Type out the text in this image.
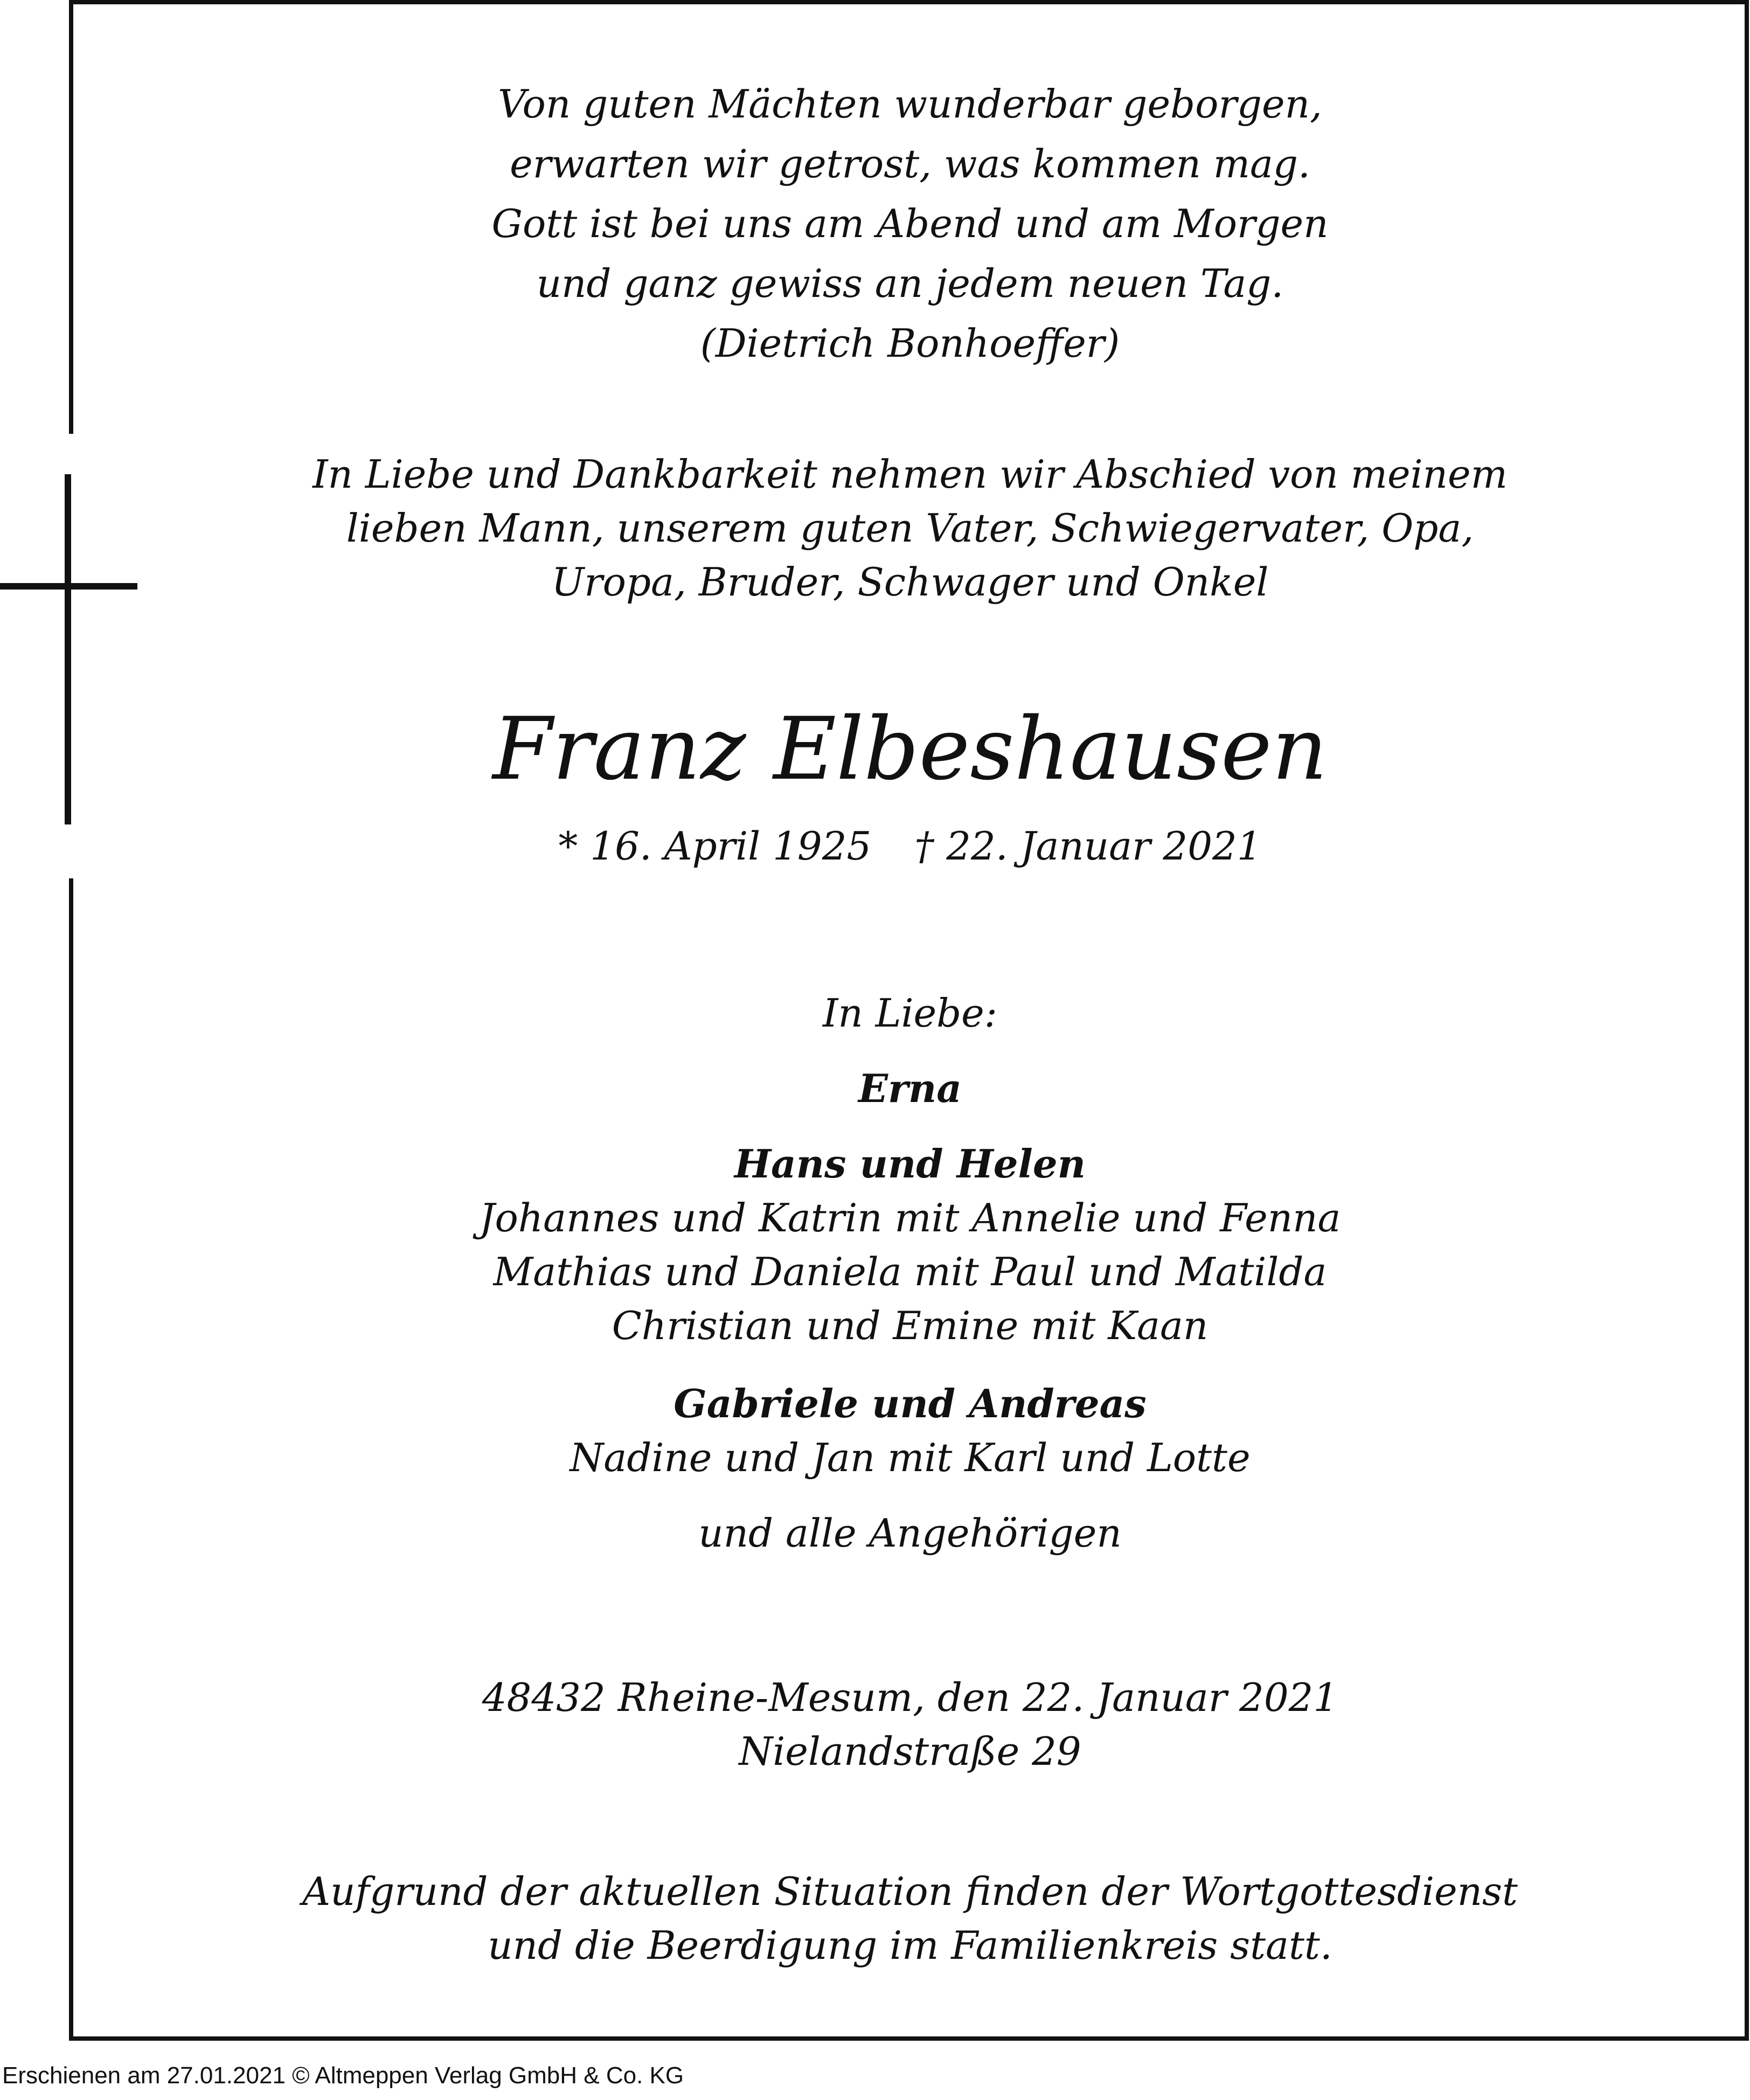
Von guten Mächten wunderbar geborgen,
erwarten wir getrost, was kommen mag.
Gott ist bei uns am Abend und am Morgen
und ganz gewiss an jedem neuen Tag.
(Dietrich Bonhoeffer)
In Liebe und Dankbarkeit nehmen wir Abschied von meinem
lieben Mann, unserem guten Vater, Schwiegervater, Opa,
Uropa, Bruder, Schwager und Onkel
Franz Elbeshausen
* 16. April 1925 † 22. Januar 2021
In Liebe:
Erna
Hans und Helen
Johannes und Katrin mit Annelie und Fenna
Mathias und Daniela mit Paul und Matilda
Christian und Emine mit Kaan
Gabriele und Andreas
Nadine und Jan mit Karl und Lotte
und alle Angehörigen
48432 Rheine-Mesum, den 22. Januar 2021
Nielandstraße 29
Aufgrund der aktuellen Situation finden der Wortgottesdienst
und die Beerdigung im Familienkreis statt.
Erschienen am 27.01.2021 © Altmeppen Verlag GmbH & Co. KG
